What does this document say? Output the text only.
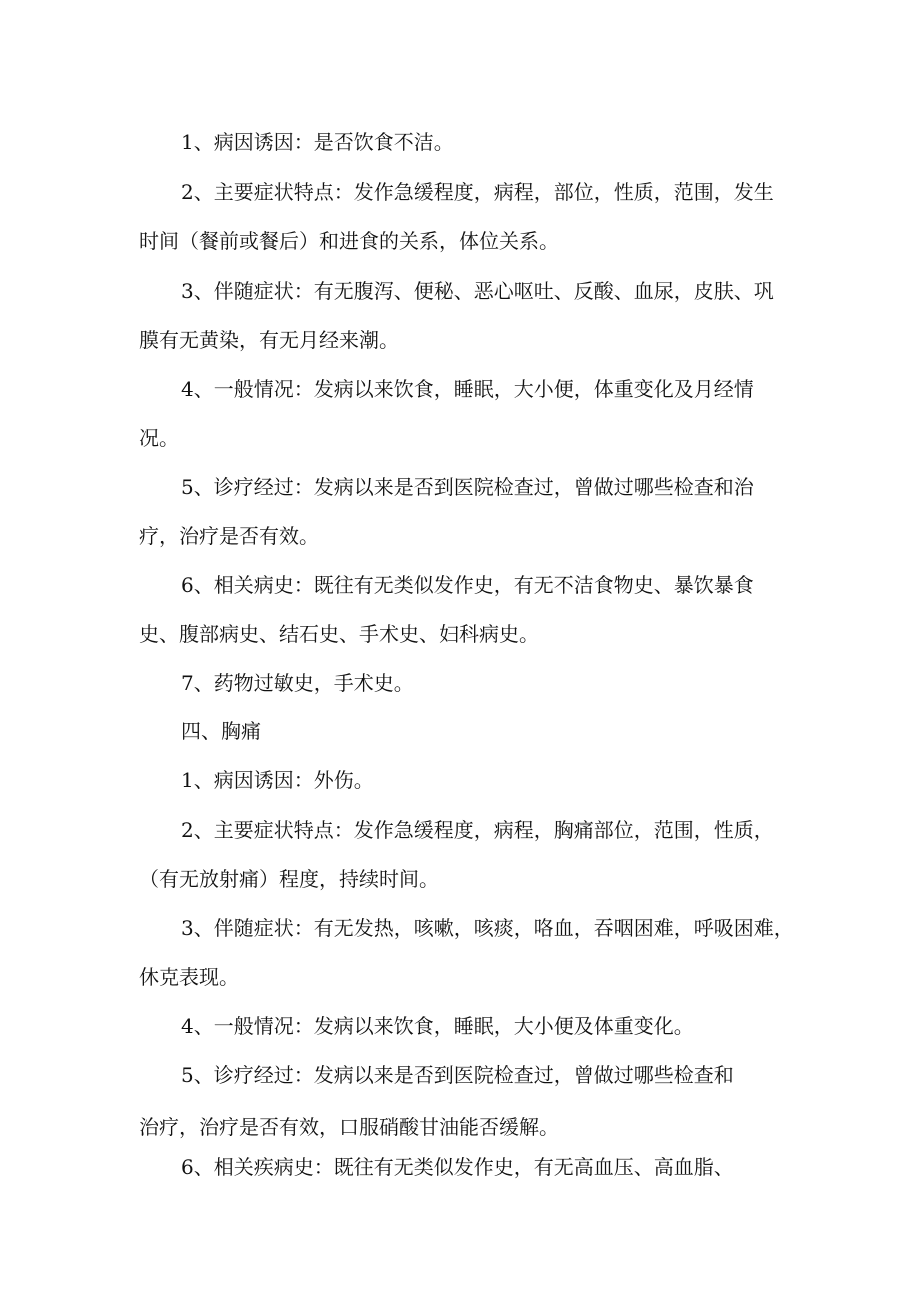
1、病因诱因：是否饮食不洁。

2、主要症状特点：发作急缓程度，病程，部位，性质，范围，发生

时间（餐前或餐后）和进食的关系，体位关系。

3、伴随症状：有无腹泻、便秘、恶心呕吐、反酸、血尿，皮肤、巩

膜有无黄染，有无月经来潮。

4、一般情况：发病以来饮食，睡眠，大小便，体重变化及月经情

况。

5、诊疗经过：发病以来是否到医院检查过，曾做过哪些检查和治

疗，治疗是否有效。

6、相关病史：既往有无类似发作史，有无不洁食物史、暴饮暴食

史、腹部病史、结石史、手术史、妇科病史。

7、药物过敏史，手术史。

四、胸痛

1、病因诱因：外伤。

2、主要症状特点：发作急缓程度，病程，胸痛部位，范围，性质，

（有无放射痛）程度，持续时间。

3、伴随症状：有无发热，咳嗽，咳痰，咯血，吞咽困难，呼吸困难，

休克表现。

4、一般情况：发病以来饮食，睡眠，大小便及体重变化。

5、诊疗经过：发病以来是否到医院检查过，曾做过哪些检查和

治疗，治疗是否有效，口服硝酸甘油能否缓解。

6、相关疾病史：既往有无类似发作史，有无高血压、高血脂、
